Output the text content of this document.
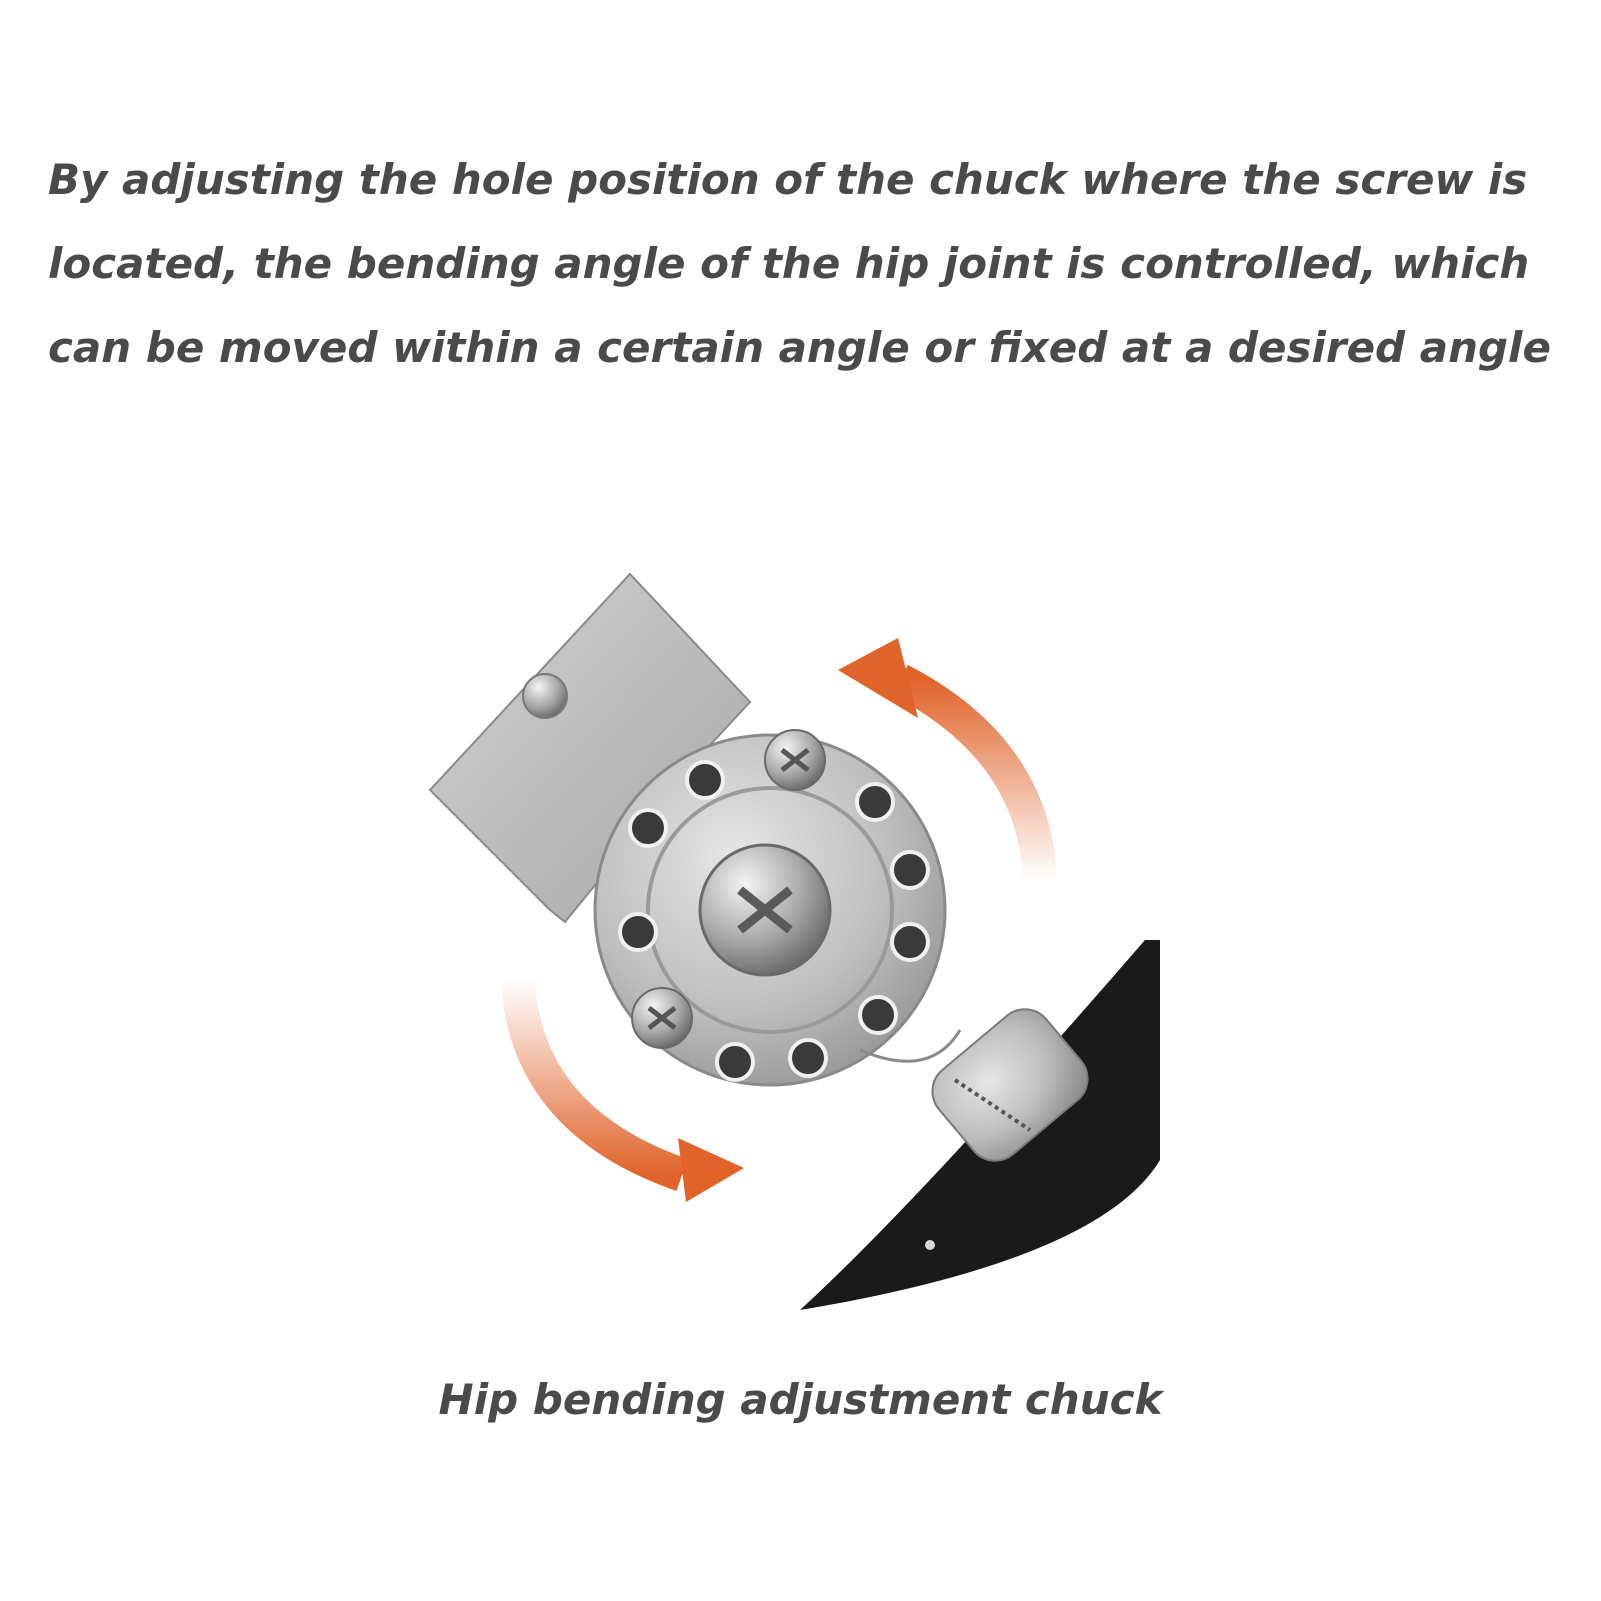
By adjusting the hole position of the chuck where the screw is
located, the bending angle of the hip joint is controlled, which
can be moved within a certain angle or fixed at a desired angle

Hip bending adjustment chuck
